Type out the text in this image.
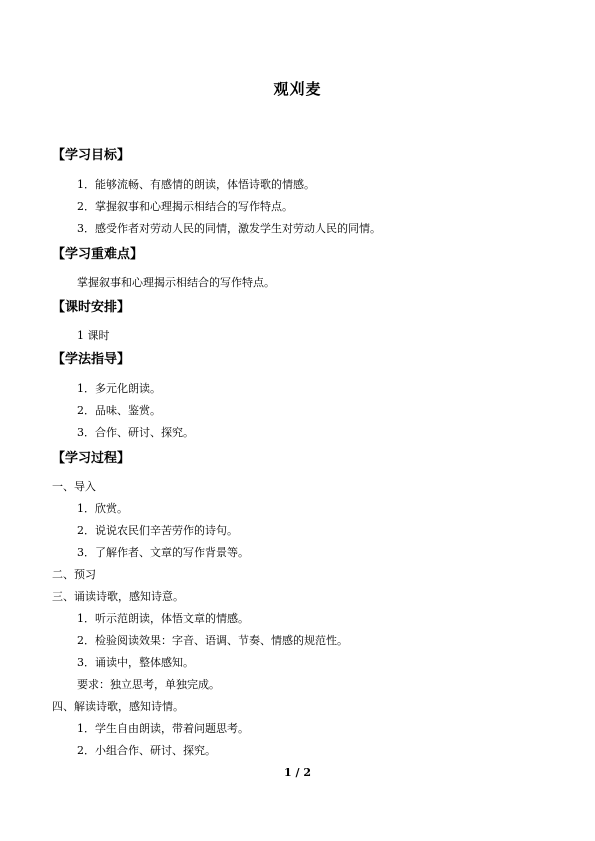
观刈麦
【学习目标】
1．能够流畅、有感情的朗读，体悟诗歌的情感。
2．掌握叙事和心理揭示相结合的写作特点。
3．感受作者对劳动人民的同情，激发学生对劳动人民的同情。
【学习重难点】
掌握叙事和心理揭示相结合的写作特点。
【课时安排】
1 课时
【学法指导】
1．多元化朗读。
2．品味、鉴赏。
3．合作、研讨、探究。
【学习过程】
一、导入
1．欣赏。
2．说说农民们辛苦劳作的诗句。
3．了解作者、文章的写作背景等。
二、预习
三、诵读诗歌，感知诗意。
1．听示范朗读，体悟文章的情感。
2．检验阅读效果：字音、语调、节奏、情感的规范性。
3．诵读中，整体感知。
要求：独立思考，单独完成。
四、解读诗歌，感知诗情。
1．学生自由朗读，带着问题思考。
2．小组合作、研讨、探究。
1 / 2
